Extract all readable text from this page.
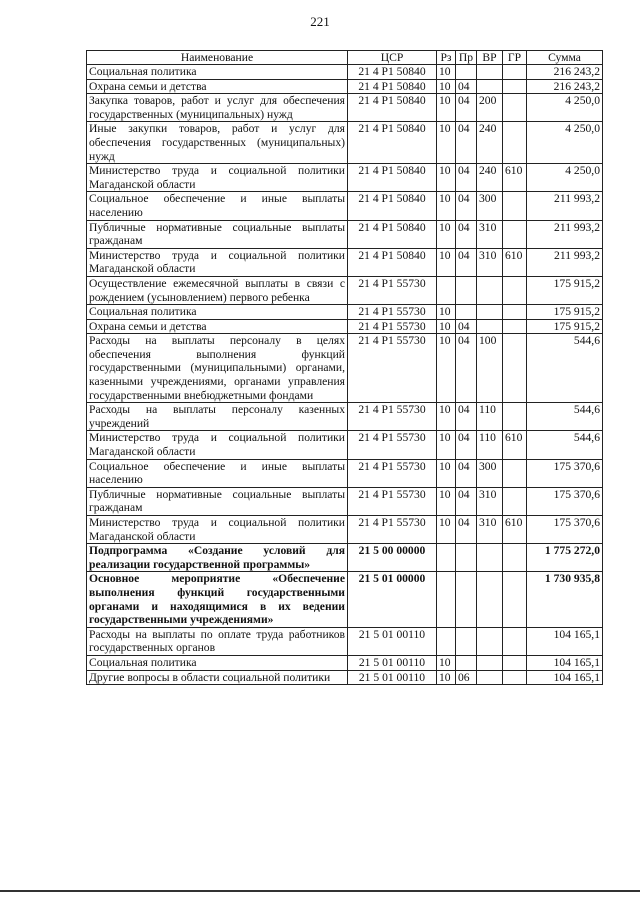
221
Наименование	ЦСР	Рз	Пр	ВР	ГР	Сумма
Социальная политика	21 4 P1 50840	10				216 243,2
Охрана семьи и детства	21 4 P1 50840	10	04			216 243,2
Закупка товаров, работ и услуг для обеспечения государственных (муниципальных) нужд	21 4 P1 50840	10	04	200		4 250,0
Иные закупки товаров, работ и услуг для обеспечения государственных (муниципальных) нужд	21 4 P1 50840	10	04	240		4 250,0
Министерство труда и социальной политики Магаданской области	21 4 P1 50840	10	04	240	610	4 250,0
Социальное обеспечение и иные выплаты населению	21 4 P1 50840	10	04	300		211 993,2
Публичные нормативные социальные выплаты гражданам	21 4 P1 50840	10	04	310		211 993,2
Министерство труда и социальной политики Магаданской области	21 4 P1 50840	10	04	310	610	211 993,2
Осуществление ежемесячной выплаты в связи с рождением (усыновлением) первого ребенка	21 4 P1 55730					175 915,2
Социальная политика	21 4 P1 55730	10				175 915,2
Охрана семьи и детства	21 4 P1 55730	10	04			175 915,2
Расходы на выплаты персоналу в целях обеспечения выполнения функций государственными (муниципальными) органами, казенными учреждениями, органами управления государственными внебюджетными фондами	21 4 P1 55730	10	04	100		544,6
Расходы на выплаты персоналу казенных учреждений	21 4 P1 55730	10	04	110		544,6
Министерство труда и социальной политики Магаданской области	21 4 P1 55730	10	04	110	610	544,6
Социальное обеспечение и иные выплаты населению	21 4 P1 55730	10	04	300		175 370,6
Публичные нормативные социальные выплаты гражданам	21 4 P1 55730	10	04	310		175 370,6
Министерство труда и социальной политики Магаданской области	21 4 P1 55730	10	04	310	610	175 370,6
Подпрограмма «Создание условий для реализации государственной программы»	21 5 00 00000					1 775 272,0
Основное мероприятие «Обеспечение выполнения функций государственными органами и находящимися в их ведении государственными учреждениями»	21 5 01 00000					1 730 935,8
Расходы на выплаты по оплате труда работников государственных органов	21 5 01 00110					104 165,1
Социальная политика	21 5 01 00110	10				104 165,1
Другие вопросы в области социальной политики	21 5 01 00110	10	06			104 165,1
